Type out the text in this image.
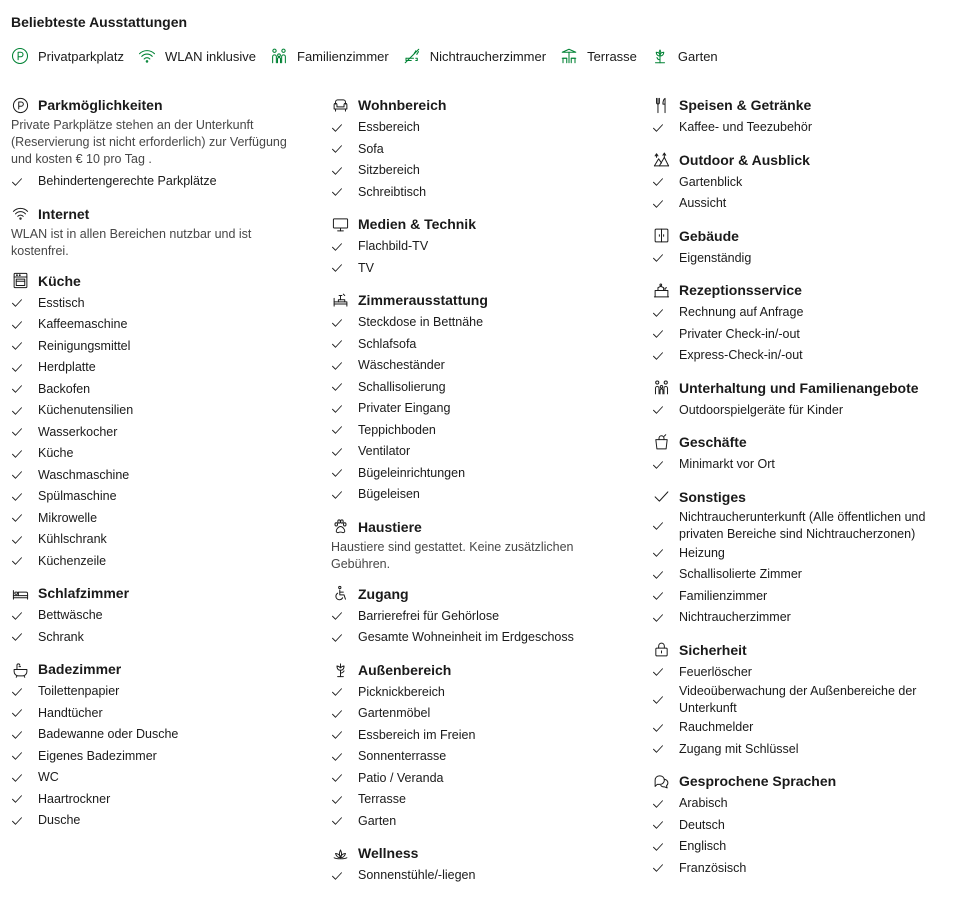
Beliebteste Ausstattungen
Privatparkplatz	WLAN inklusive	Familienzimmer	Nichtraucherzimmer	Terrasse	Garten
Parkmöglichkeiten

Private Parkplätze stehen an der Unterkunft (Reservierung ist nicht erforderlich) zur Verfügung und kosten € 10 pro Tag .

Behindertengerechte Parkplätze
Internet

WLAN ist in allen Bereichen nutzbar und ist kostenfrei.

Küche
Esstisch
Kaffeemaschine
Reinigungsmittel
Herdplatte
Backofen
Küchenutensilien
Wasserkocher
Küche
Waschmaschine
Spülmaschine
Mikrowelle
Kühlschrank
Küchenzeile
Schlafzimmer
Bettwäsche
Schrank
Badezimmer
Toilettenpapier
Handtücher
Badewanne oder Dusche
Eigenes Badezimmer
WC
Haartrockner
Dusche
Wohnbereich
Essbereich
Sofa
Sitzbereich
Schreibtisch
Medien & Technik
Flachbild-TV
TV
Zimmerausstattung
Steckdose in Bettnähe
Schlafsofa
Wäscheständer
Schallisolierung
Privater Eingang
Teppichboden
Ventilator
Bügeleinrichtungen
Bügeleisen
Haustiere

Haustiere sind gestattet. Keine zusätzlichen Gebühren.

Zugang
Barrierefrei für Gehörlose
Gesamte Wohneinheit im Erdgeschoss
Außenbereich
Picknickbereich
Gartenmöbel
Essbereich im Freien
Sonnenterrasse
Patio / Veranda
Terrasse
Garten
Wellness
Sonnenstühle/-liegen
Speisen & Getränke
Kaffee- und Teezubehör
Outdoor & Ausblick
Gartenblick
Aussicht
Gebäude
Eigenständig
Rezeptionsservice
Rechnung auf Anfrage
Privater Check-in/-out
Express-Check-in/-out
Unterhaltung und Familienangebote
Outdoorspielgeräte für Kinder
Geschäfte
Minimarkt vor Ort
Sonstiges
Nichtraucherunterkunft (Alle öffentlichen und privaten Bereiche sind Nichtraucherzonen)
Heizung
Schallisolierte Zimmer
Familienzimmer
Nichtraucherzimmer
Sicherheit
Feuerlöscher
Videoüberwachung der Außenbereiche der Unterkunft
Rauchmelder
Zugang mit Schlüssel
Gesprochene Sprachen
Arabisch
Deutsch
Englisch
Französisch
